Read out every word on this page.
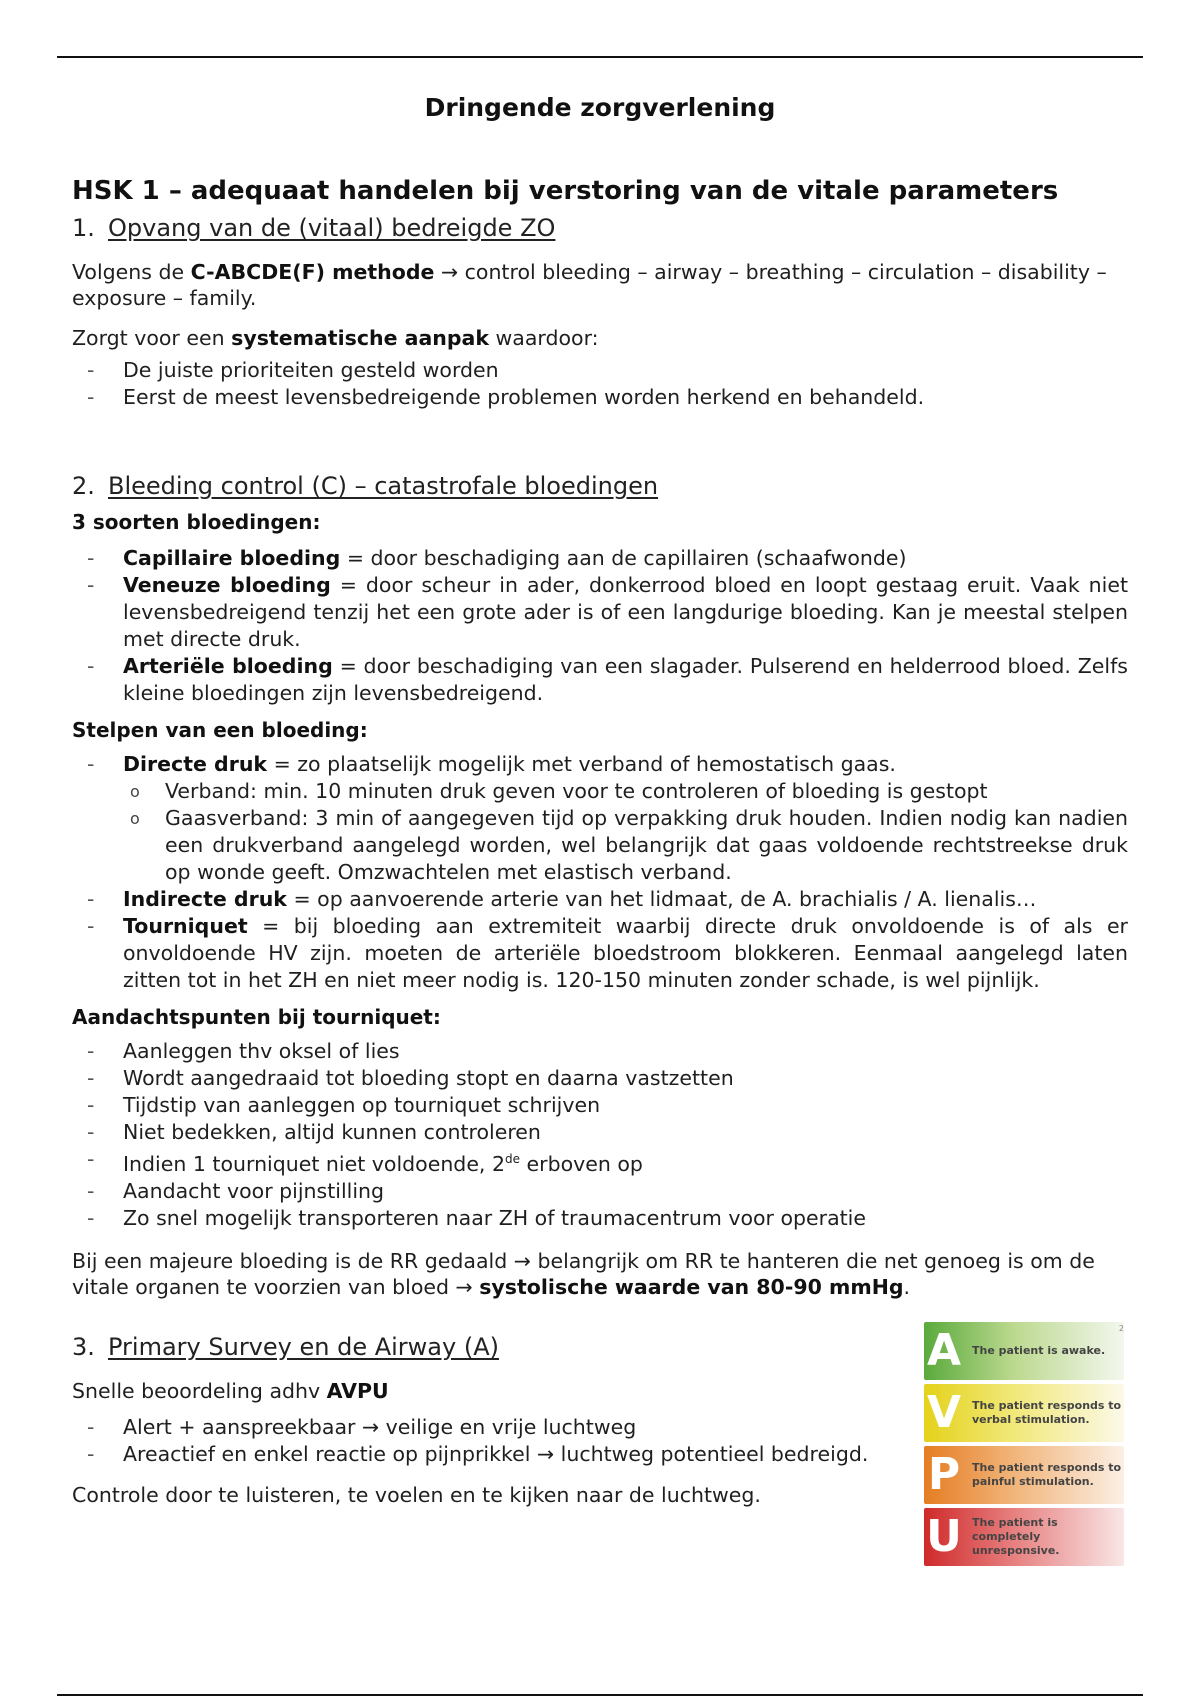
Dringende zorgverlening
HSK 1 – adequaat handelen bij verstoring van de vitale parameters
1. Opvang van de (vitaal) bedreigde ZO

Volgens de C-ABCDE(F) methode → control bleeding – airway – breathing – circulation – disability – exposure – family.

Zorgt voor een systematische aanpak waardoor:

- De juiste prioriteiten gesteld worden
- Eerst de meest levensbedreigende problemen worden herkend en behandeld.
2. Bleeding control (C) – catastrofale bloedingen
3 soorten bloedingen:
- Capillaire bloeding = door beschadiging aan de capillairen (schaafwonde)
- Veneuze bloeding = door scheur in ader, donkerrood bloed en loopt gestaag eruit. Vaak niet levensbedreigend tenzij het een grote ader is of een langdurige bloeding. Kan je meestal stelpen met directe druk.
- Arteriële bloeding = door beschadiging van een slagader. Pulserend en helderrood bloed. Zelfs kleine bloedingen zijn levensbedreigend.
Stelpen van een bloeding:
- Directe druk = zo plaatselijk mogelijk met verband of hemostatisch gaas.
o Verband: min. 10 minuten druk geven voor te controleren of bloeding is gestopt
o Gaasverband: 3 min of aangegeven tijd op verpakking druk houden. Indien nodig kan nadien een drukverband aangelegd worden, wel belangrijk dat gaas voldoende rechtstreekse druk op wonde geeft. Omzwachtelen met elastisch verband.
- Indirecte druk = op aanvoerende arterie van het lidmaat, de A. brachialis / A. lienalis…
- Tourniquet = bij bloeding aan extremiteit waarbij directe druk onvoldoende is of als er onvoldoende HV zijn. moeten de arteriële bloedstroom blokkeren. Eenmaal aangelegd laten zitten tot in het ZH en niet meer nodig is. 120-150 minuten zonder schade, is wel pijnlijk.
Aandachtspunten bij tourniquet:
- Aanleggen thv oksel of lies
- Wordt aangedraaid tot bloeding stopt en daarna vastzetten
- Tijdstip van aanleggen op tourniquet schrijven
- Niet bedekken, altijd kunnen controleren
- Indien 1 tourniquet niet voldoende, 2de erboven op
- Aandacht voor pijnstilling
- Zo snel mogelijk transporteren naar ZH of traumacentrum voor operatie

Bij een majeure bloeding is de RR gedaald → belangrijk om RR te hanteren die net genoeg is om de vitale organen te voorzien van bloed → systolische waarde van 80-90 mmHg.

3. Primary Survey en de Airway (A)

Snelle beoordeling adhv AVPU

- Alert + aanspreekbaar → veilige en vrije luchtweg
- Areactief en enkel reactie op pijnprikkel → luchtweg potentieel bedreigd.

Controle door te luisteren, te voelen en te kijken naar de luchtweg.

2
A The patient is awake.
V The patient responds to verbal stimulation.
P	The patient responds to painful stimulation.
U The patient is completely unresponsive.
